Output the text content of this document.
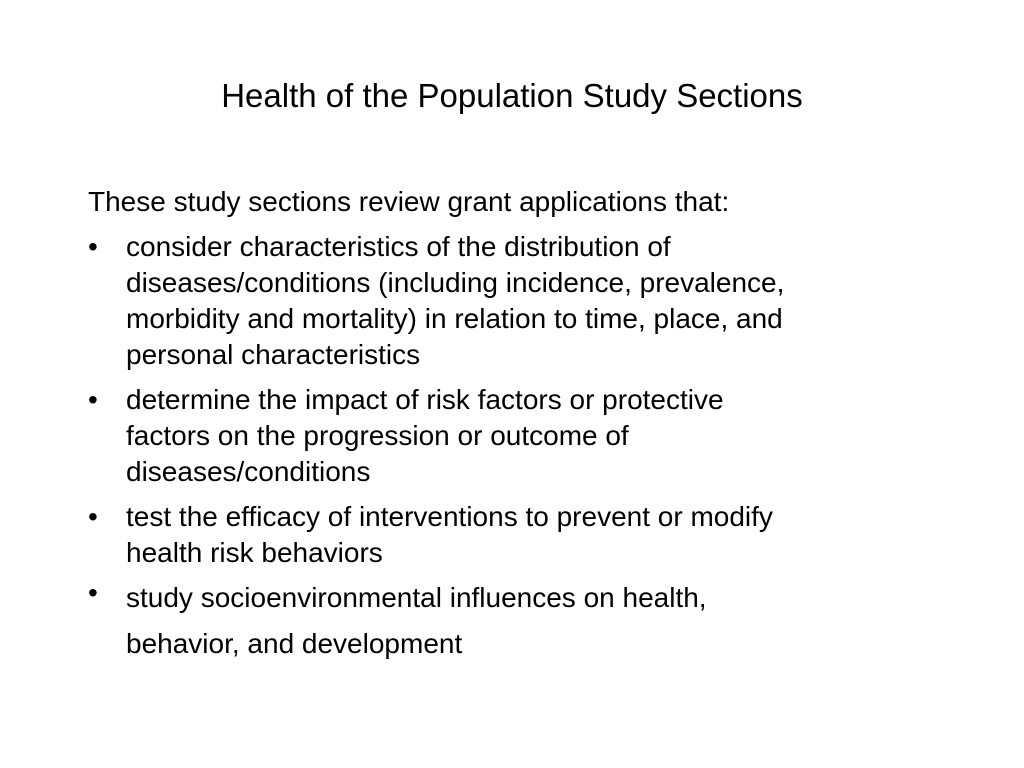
Health of the Population Study Sections

These study sections review grant applications that:

•	consider characteristics of the distribution of
diseases/conditions (including incidence, prevalence,
morbidity and mortality) in relation to time, place, and
personal characteristics
•	determine the impact of risk factors or protective
factors on the progression or outcome of
diseases/conditions
•	test the efficacy of interventions to prevent or modify
health risk behaviors
•	study socioenvironmental influences on health,
behavior, and development
